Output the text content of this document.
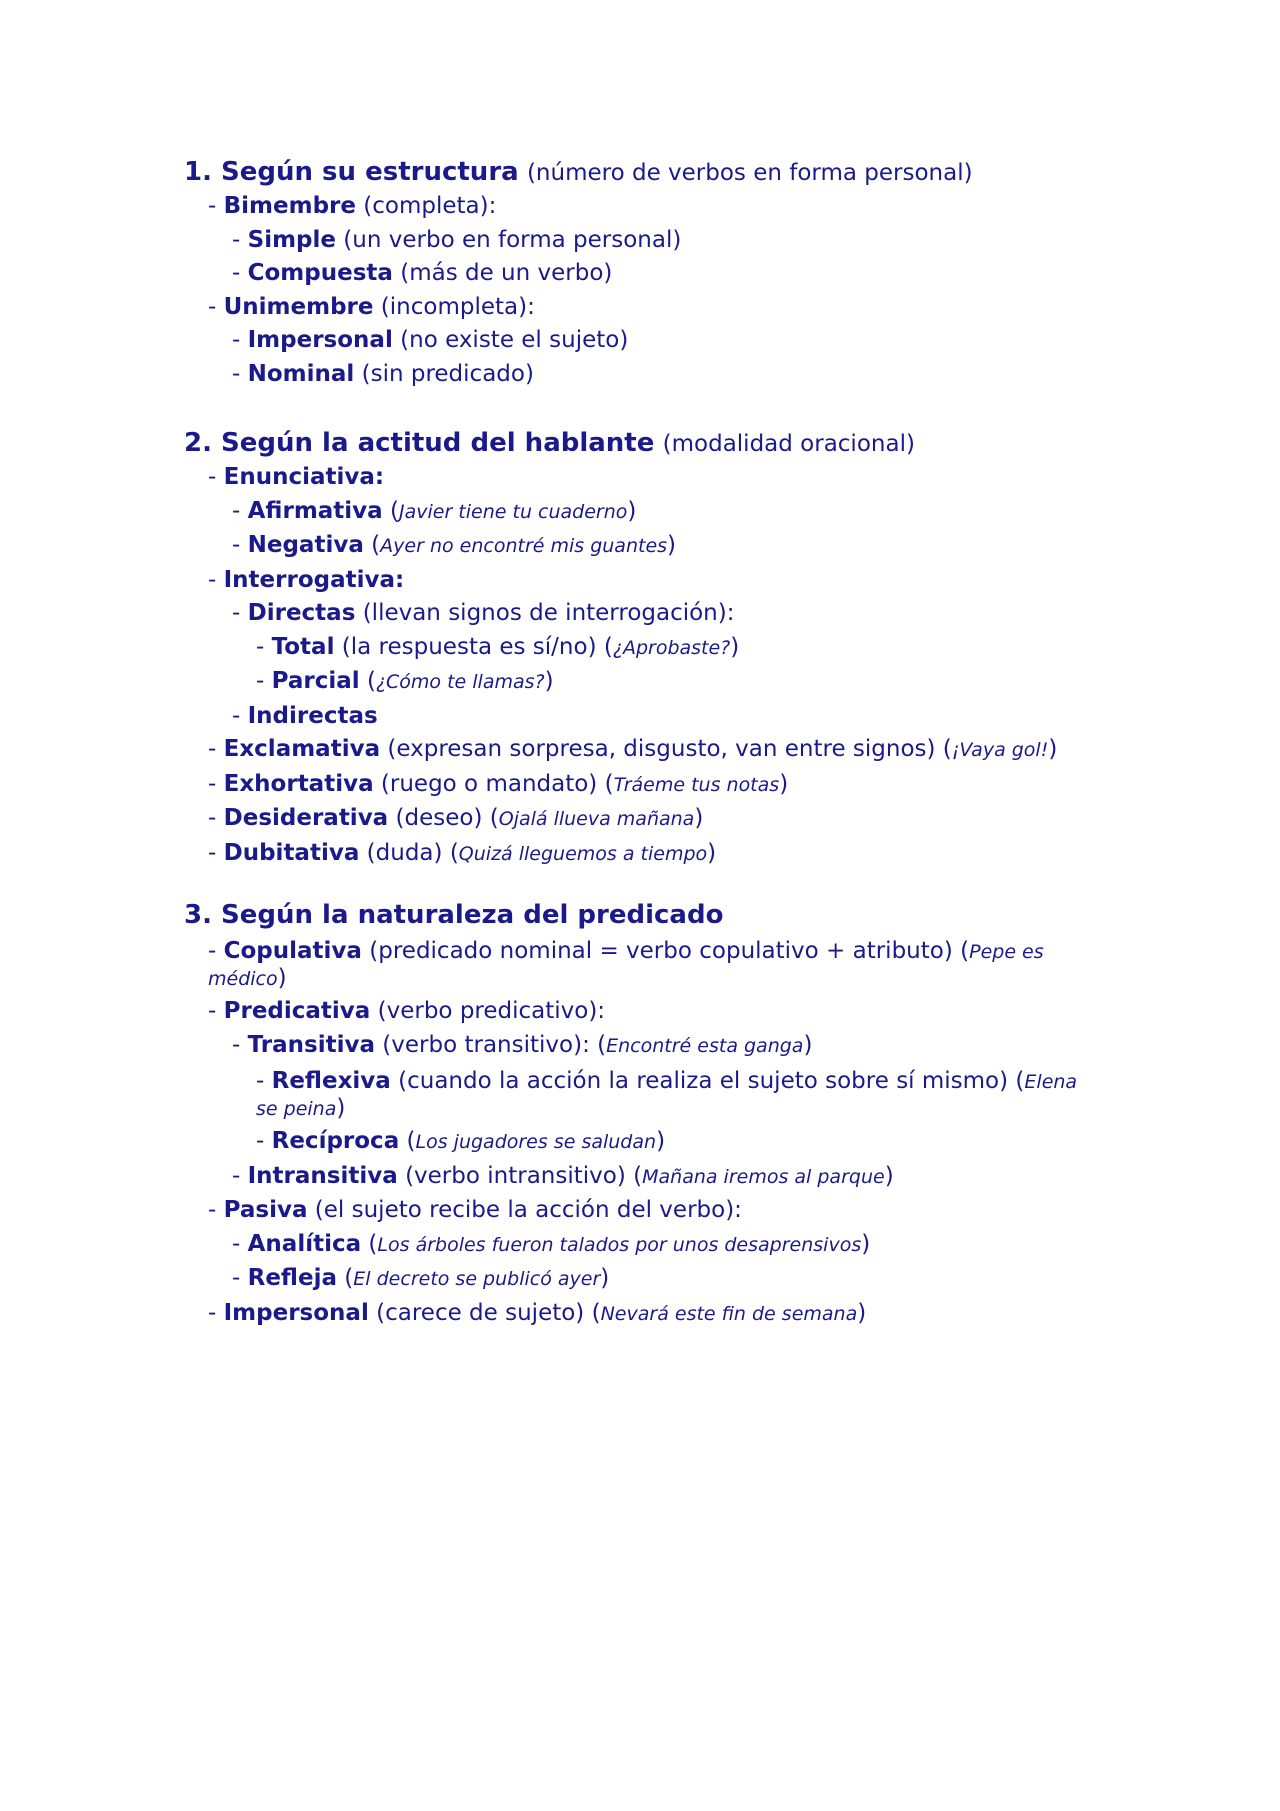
1. Según su estructura (número de verbos en forma personal)
- Bimembre (completa):
- Simple (un verbo en forma personal)
- Compuesta (más de un verbo)
- Unimembre (incompleta):
- Impersonal (no existe el sujeto)
- Nominal (sin predicado)
2. Según la actitud del hablante (modalidad oracional)
- Enunciativa:
- Afirmativa (Javier tiene tu cuaderno)
- Negativa (Ayer no encontré mis guantes)
- Interrogativa:
- Directas (llevan signos de interrogación):
- Total (la respuesta es sí/no) (¿Aprobaste?)
- Parcial (¿Cómo te llamas?)
- Indirectas
- Exclamativa (expresan sorpresa, disgusto, van entre signos) (¡Vaya gol!)
- Exhortativa (ruego o mandato) (Tráeme tus notas)
- Desiderativa (deseo) (Ojalá llueva mañana)
- Dubitativa (duda) (Quizá lleguemos a tiempo)
3. Según la naturaleza del predicado
- Copulativa (predicado nominal = verbo copulativo + atributo) (Pepe es médico)
- Predicativa (verbo predicativo):
- Transitiva (verbo transitivo): (Encontré esta ganga)
- Reflexiva (cuando la acción la realiza el sujeto sobre sí mismo) (Elena se peina)
- Recíproca (Los jugadores se saludan)
- Intransitiva (verbo intransitivo) (Mañana iremos al parque)
- Pasiva (el sujeto recibe la acción del verbo):
- Analítica (Los árboles fueron talados por unos desaprensivos)
- Refleja (El decreto se publicó ayer)
- Impersonal (carece de sujeto) (Nevará este fin de semana)
